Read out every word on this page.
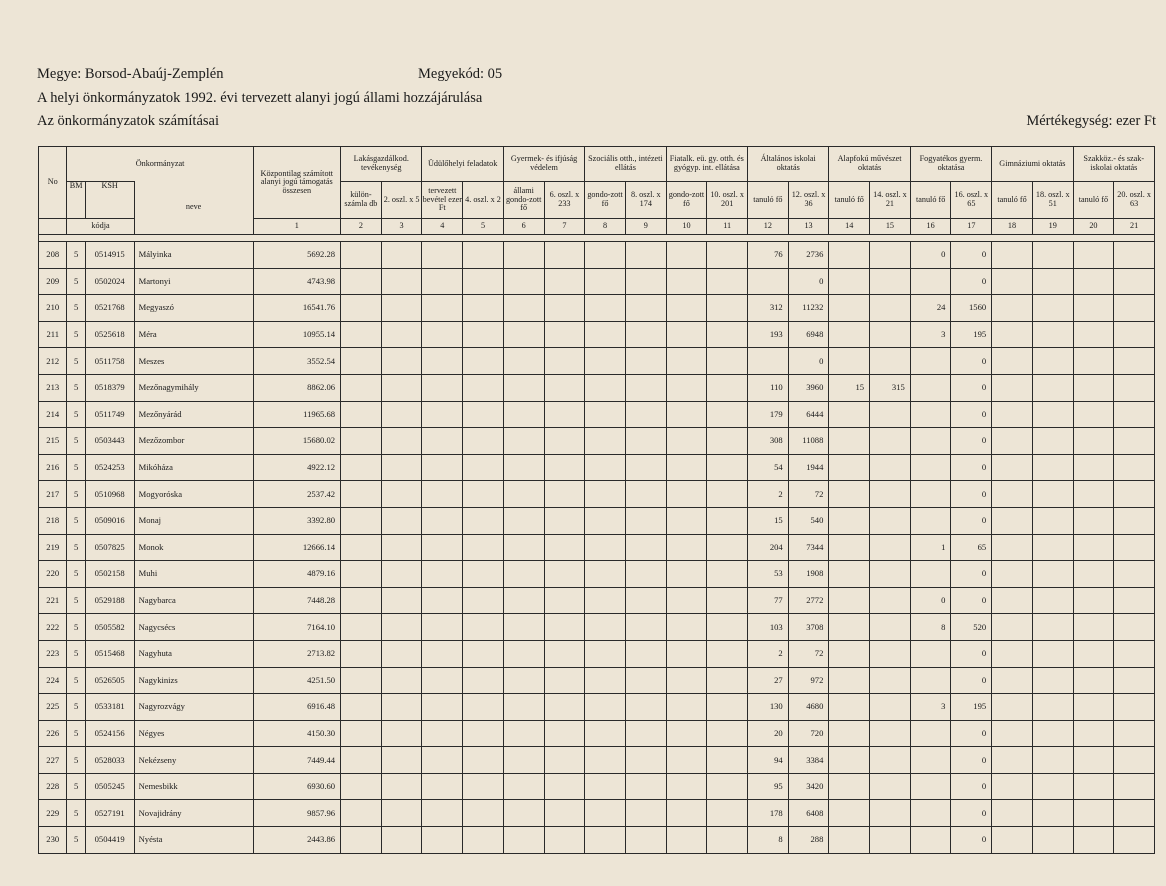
Megye: Borsod-Abaúj-Zemplén	Megyekód: 05
A helyi önkormányzatok 1992. évi tervezett alanyi jogú állami hozzájárulása
Az önkormányzatok számításai	Mértékegység: ezer Ft
No	Önkormányzat			Központilag számított alanyi jogú támogatás összesen	Lakásgazdálkod. tevékenység		Üdülőhelyi feladatok		Gyermek- és ifjúság védelem		Szociális otth., intézeti ellátás		Fiatalk. eü. gy. otth. és gyógyp. int. ellátása		Általános iskolai oktatás		Alapfokú művészet oktatás		Fogyatékos gyerm. oktatása		Gimnáziumi oktatás		Szakköz.- és szak-iskolai oktatás	
	BM	KSH	neve		külön-számla db	2. oszl. x 5	tervezett bevétel ezer Ft	4. oszl. x 2	állami gondo-zott fő	6. oszl. x 233	gondo-zott fő	8. oszl. x 174	gondo-zott fő	10. oszl. x 201	tanuló fő	12. oszl. x 36	tanuló fő	14. oszl. x 21	tanuló fő	16. oszl. x 65	tanuló fő	18. oszl. x 51	tanuló fő	20. oszl. x 63
	kódja			1	2	3	4	5	6	7	8	9	10	11	12	13	14	15	16	17	18	19	20	21

208	5	0514915	Mályinka	5692.28											76	2736			0	0				
209	5	0502024	Martonyi	4743.98												0				0				
210	5	0521768	Megyaszó	16541.76											312	11232			24	1560				
211	5	0525618	Méra	10955.14											193	6948			3	195				
212	5	0511758	Meszes	3552.54												0				0				
213	5	0518379	Mezőnagymihály	8862.06											110	3960	15	315		0				
214	5	0511749	Mezőnyárád	11965.68											179	6444				0				
215	5	0503443	Mezőzombor	15680.02											308	11088				0				
216	5	0524253	Mikóháza	4922.12											54	1944				0				
217	5	0510968	Mogyoróska	2537.42											2	72				0				
218	5	0509016	Monaj	3392.80											15	540				0				
219	5	0507825	Monok	12666.14											204	7344			1	65				
220	5	0502158	Muhi	4879.16											53	1908				0				
221	5	0529188	Nagybarca	7448.28											77	2772			0	0				
222	5	0505582	Nagycsécs	7164.10											103	3708			8	520				
223	5	0515468	Nagyhuta	2713.82											2	72				0				
224	5	0526505	Nagykinizs	4251.50											27	972				0				
225	5	0533181	Nagyrozvágy	6916.48											130	4680			3	195				
226	5	0524156	Négyes	4150.30											20	720				0				
227	5	0528033	Nekézseny	7449.44											94	3384				0				
228	5	0505245	Nemesbikk	6930.60											95	3420				0				
229	5	0527191	Novajidrány	9857.96											178	6408				0				
230	5	0504419	Nyésta	2443.86											8	288				0				
